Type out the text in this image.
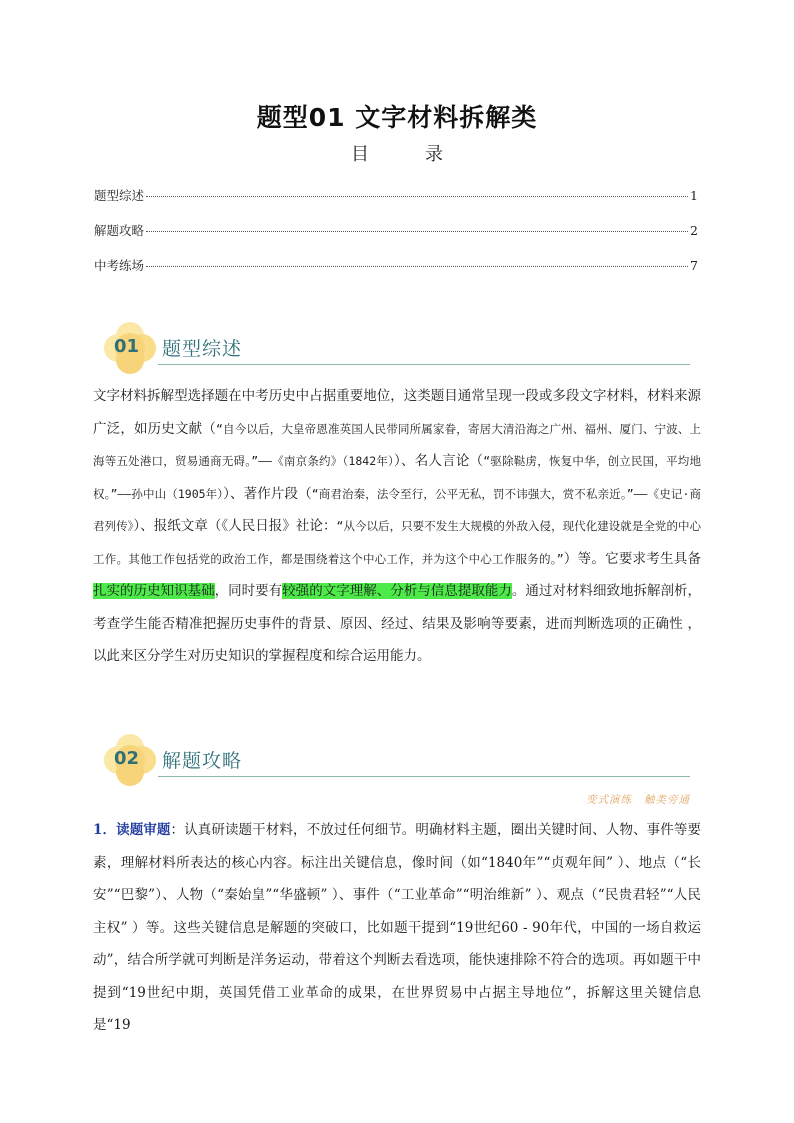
题型01 文字材料拆解类
目	录
题型综述	1
解题攻略	2
中考练场	7
01 题型综述
文字材料拆解型选择题在中考历史中占据重要地位，这类题目通常呈现一段或多段文字材料，材料来源广泛，如历史文献（“自今以后，大皇帝恩准英国人民带同所属家眷，寄居大清沿海之广州、福州、厦门、宁波、上海等五处港口，贸易通商无碍。”——《南京条约》（1842年））、名人言论（“驱除鞑虏，恢复中华，创立民国，平均地权。”——孙中山（1905年））、著作片段（“商君治秦，法令至行，公平无私，罚不讳强大，赏不私亲近。”——《史记·商君列传》）、报纸文章（《人民日报》社论：“从今以后，只要不发生大规模的外敌入侵，现代化建设就是全党的中心工作。其他工作包括党的政治工作，都是围绕着这个中心工作，并为这个中心工作服务的。”）等。它要求考生具备扎实的历史知识基础，同时要有较强的文字理解、分析与信息提取能力。通过对材料细致地拆解剖析，考查学生能否精准把握历史事件的背景、原因、经过、结果及影响等要素，进而判断选项的正确性 ，以此来区分学生对历史知识的掌握程度和综合运用能力。
02 解题攻略
变式演练 触类旁通
1．读题审题：认真研读题干材料，不放过任何细节。明确材料主题，圈出关键时间、人物、事件等要素，理解材料所表达的核心内容。标注出关键信息，像时间（如“1840年”“贞观年间” ）、地点（“长安”“巴黎”）、人物（“秦始皇”“华盛顿” ）、事件（“工业革命”“明治维新” ）、观点（“民贵君轻”“人民主权” ）等。这些关键信息是解题的突破口，比如题干提到“19世纪60 - 90年代，中国的一场自救运动”，结合所学就可判断是洋务运动，带着这个判断去看选项，能快速排除不符合的选项。再如题干中提到“19世纪中期，英国凭借工业革命的成果，在世界贸易中占据主导地位”，拆解这里关键信息是“19
